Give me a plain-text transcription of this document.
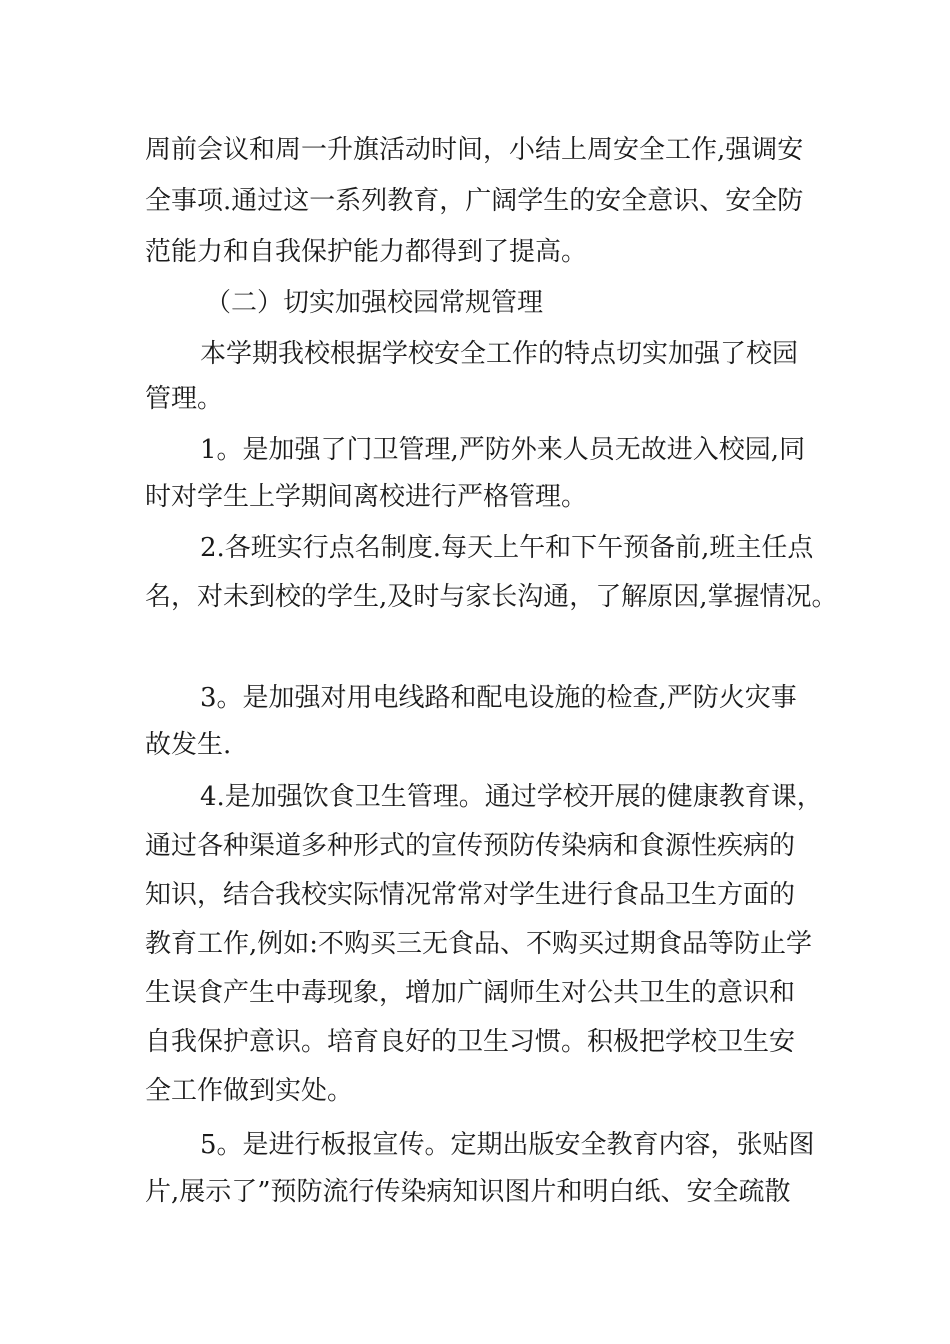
周前会议和周一升旗活动时间，小结上周安全工作,强调安
全事项.通过这一系列教育，广阔学生的安全意识、安全防
范能力和自我保护能力都得到了提高。
（二）切实加强校园常规管理
本学期我校根据学校安全工作的特点切实加强了校园
管理。
1。是加强了门卫管理,严防外来人员无故进入校园,同
时对学生上学期间离校进行严格管理。
2.各班实行点名制度.每天上午和下午预备前,班主任点
名，对未到校的学生,及时与家长沟通，了解原因,掌握情况。
3。是加强对用电线路和配电设施的检查,严防火灾事
故发生.
4.是加强饮食卫生管理。通过学校开展的健康教育课，
通过各种渠道多种形式的宣传预防传染病和食源性疾病的
知识，结合我校实际情况常常对学生进行食品卫生方面的
教育工作,例如:不购买三无食品、不购买过期食品等防止学
生误食产生中毒现象，增加广阔师生对公共卫生的意识和
自我保护意识。培育良好的卫生习惯。积极把学校卫生安
全工作做到实处。
5。是进行板报宣传。定期出版安全教育内容，张贴图
片,展示了”预防流行传染病知识图片和明白纸、安全疏散
